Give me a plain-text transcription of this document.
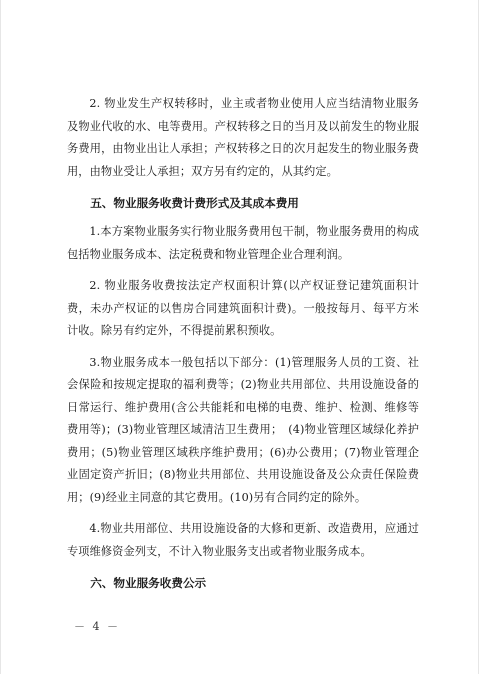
2. 物业发生产权转移时，业主或者物业使用人应当结清物业服务及物业代收的水、电等费用。产权转移之日的当月及以前发生的物业服务费用，由物业出让人承担；产权转移之日的次月起发生的物业服务费用，由物业受让人承担；双方另有约定的，从其约定。

五、物业服务收费计费形式及其成本费用

1.本方案物业服务实行物业服务费用包干制，物业服务费用的构成包括物业服务成本、法定税费和物业管理企业合理利润。

2. 物业服务收费按法定产权面积计算(以产权证登记建筑面积计费，未办产权证的以售房合同建筑面积计费)。一般按每月、每平方米计收。除另有约定外，不得提前累积预收。

3.物业服务成本一般包括以下部分：(1)管理服务人员的工资、社会保险和按规定提取的福利费等；(2)物业共用部位、共用设施设备的日常运行、维护费用(含公共能耗和电梯的电费、维护、检测、维修等费用等)；(3)物业管理区域清洁卫生费用；　(4)物业管理区域绿化养护费用；(5)物业管理区域秩序维护费用；(6)办公费用；(7)物业管理企业固定资产折旧；(8)物业共用部位、共用设施设备及公众责任保险费用；(9)经业主同意的其它费用。(10)另有合同约定的除外。

4.物业共用部位、共用设施设备的大修和更新、改造费用，应通过专项维修资金列支，不计入物业服务支出或者物业服务成本。

六、物业服务收费公示

－ 4 －
